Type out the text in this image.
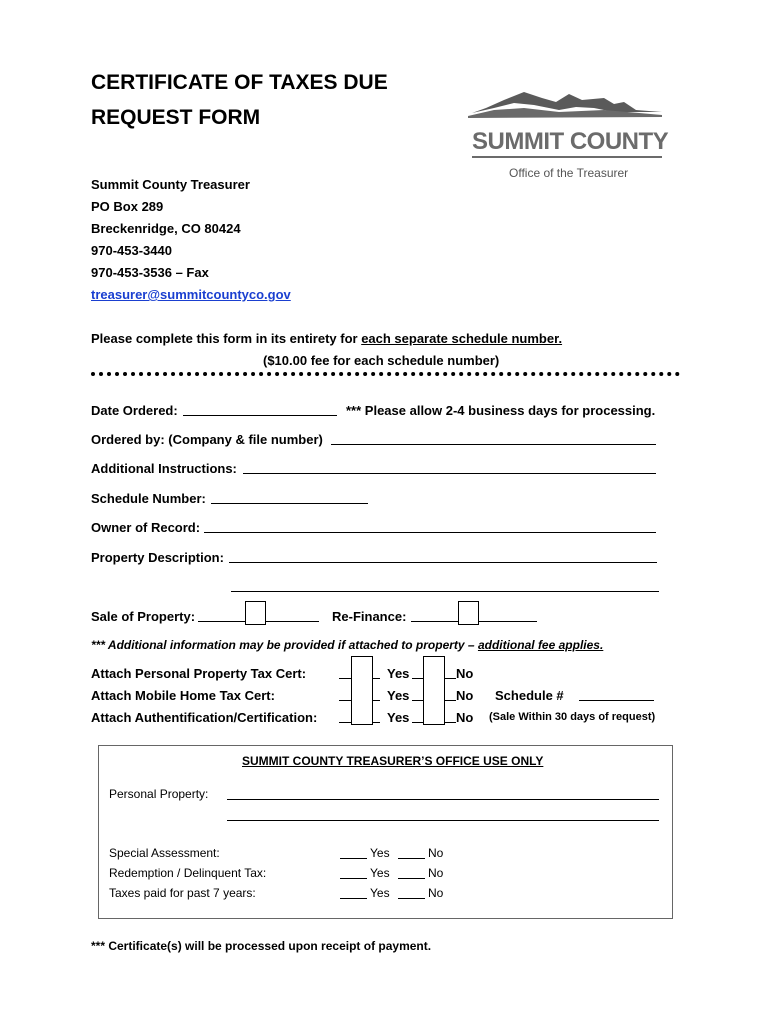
CERTIFICATE OF TAXES DUE
REQUEST FORM
SUMMIT COUNTY
Office of the Treasurer
Summit County Treasurer
PO Box 289
Breckenridge, CO 80424
970-453-3440
970-453-3536 – Fax
treasurer@summitcountyco.gov
Please complete this form in its entirety for each separate schedule number.
($10.00 fee for each schedule number)
Date Ordered:	*** Please allow 2-4 business days for processing.
Ordered by: (Company & file number)
Additional Instructions:
Schedule Number:
Owner of Record:
Property Description:
Sale of Property:	Re-Finance:
*** Additional information may be provided if attached to property – additional fee applies.
Attach Personal Property Tax Cert:
Attach Mobile Home Tax Cert:
Attach Authentification/Certification:
Yes
Yes
Yes
No
No
No
Schedule #
(Sale Within 30 days of request)
SUMMIT COUNTY TREASURER’S OFFICE USE ONLY
Personal Property:
Special Assessment:
Redemption / Delinquent Tax:
Taxes paid for past 7 years:
Yes
Yes
Yes
No
No
No
*** Certificate(s) will be processed upon receipt of payment.
